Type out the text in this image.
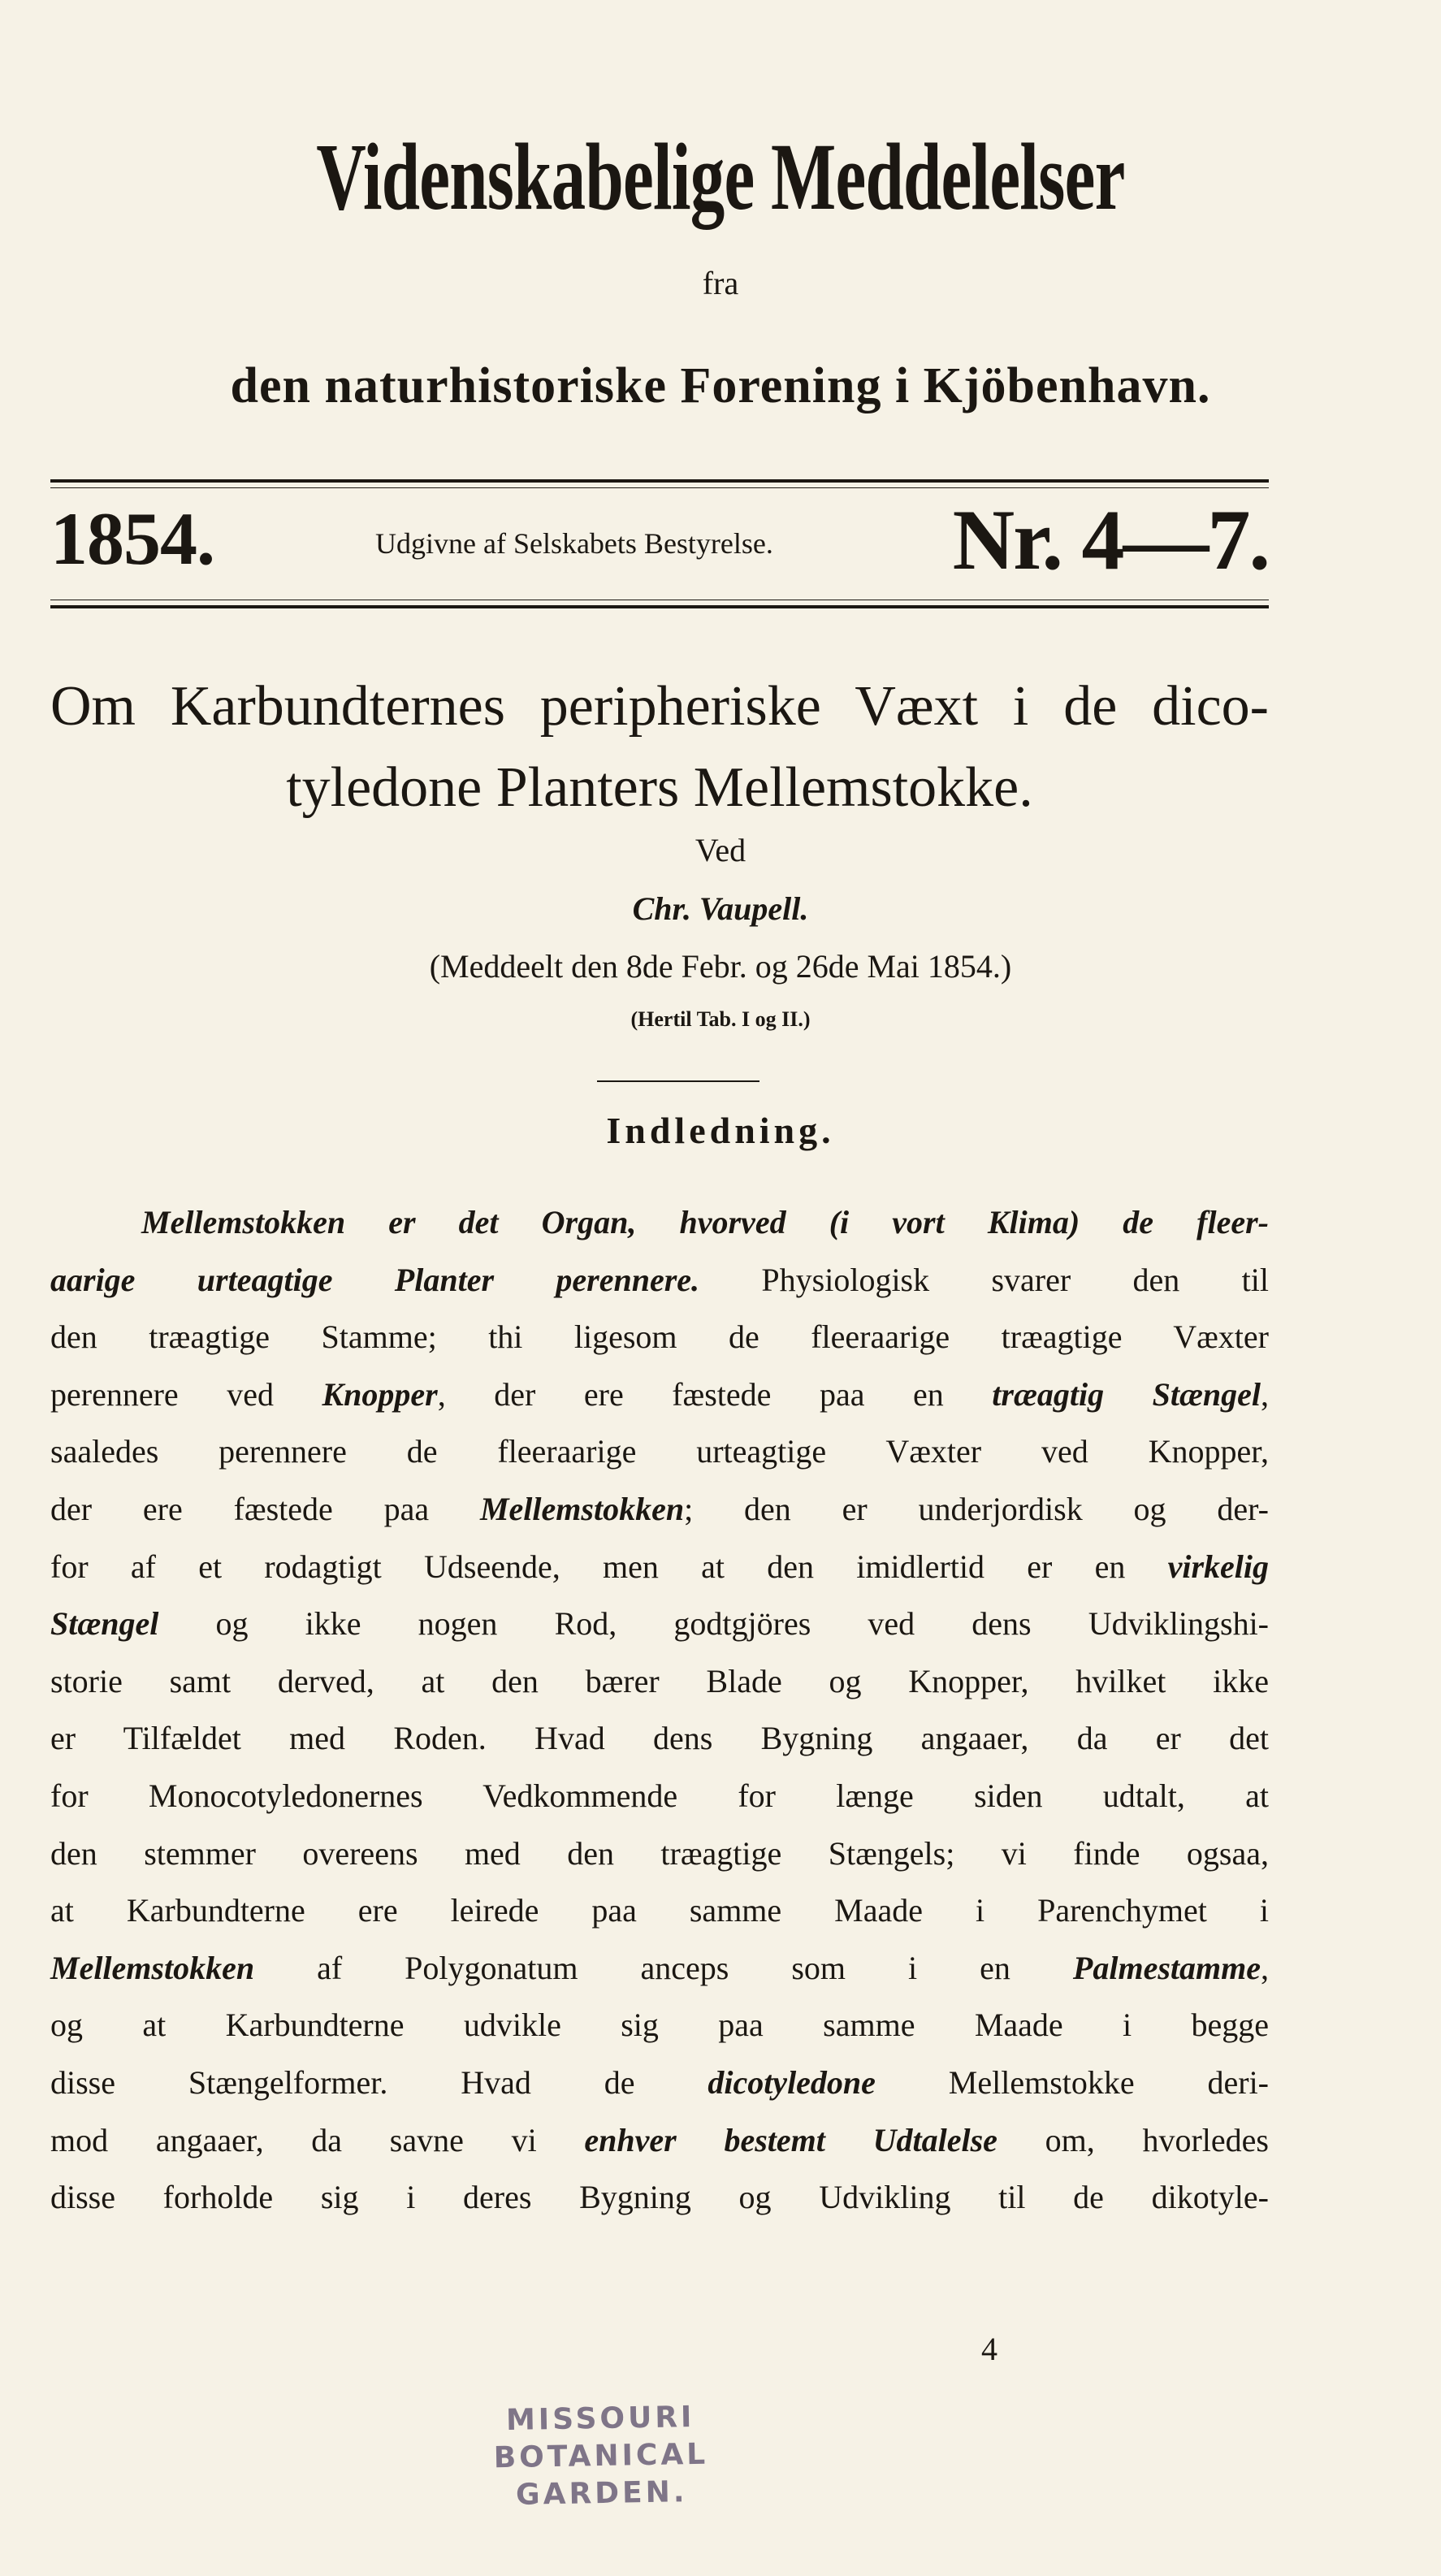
Videnskabelige Meddelelser
fra
den naturhistoriske Forening i Kjöbenhavn.
1854.	Udgivne af Selskabets Bestyrelse. Nr. 4—7.
Om Karbundternes peripheriske Væxt i de dico-
tyledone Planters Mellemstokke.
Ved
Chr. Vaupell.
(Meddeelt den 8de Febr. og 26de Mai 1854.)
(Hertil Tab. I og II.)
Indledning.
Mellemstokken er det Organ, hvorved (i vort Klima) de fleer-
aarige urteagtige Planter perennere. Physiologisk svarer den til
den træagtige Stamme; thi ligesom de fleeraarige træagtige Væxter
perennere ved Knopper, der ere fæstede paa en træagtig Stængel,
saaledes perennere de fleeraarige urteagtige Væxter ved Knopper,
der ere fæstede paa Mellemstokken; den er underjordisk og der-
for af et rodagtigt Udseende, men at den imidlertid er en virkelig
Stængel og ikke nogen Rod, godtgjöres ved dens Udviklingshi-
storie samt derved, at den bærer Blade og Knopper, hvilket ikke
er Tilfældet med Roden. Hvad dens Bygning angaaer, da er det
for Monocotyledonernes Vedkommende for længe siden udtalt, at
den stemmer overeens med den træagtige Stængels; vi finde ogsaa,
at Karbundterne ere leirede paa samme Maade i Parenchymet i
Mellemstokken af Polygonatum anceps som i en Palmestamme,
og at Karbundterne udvikle sig paa samme Maade i begge
disse Stængelformer. Hvad de dicotyledone Mellemstokke deri-
mod angaaer, da savne vi enhver bestemt Udtalelse om, hvorledes
disse forholde sig i deres Bygning og Udvikling til de dikotyle-
4
MISSOURI
BOTANICAL
GARDEN.
